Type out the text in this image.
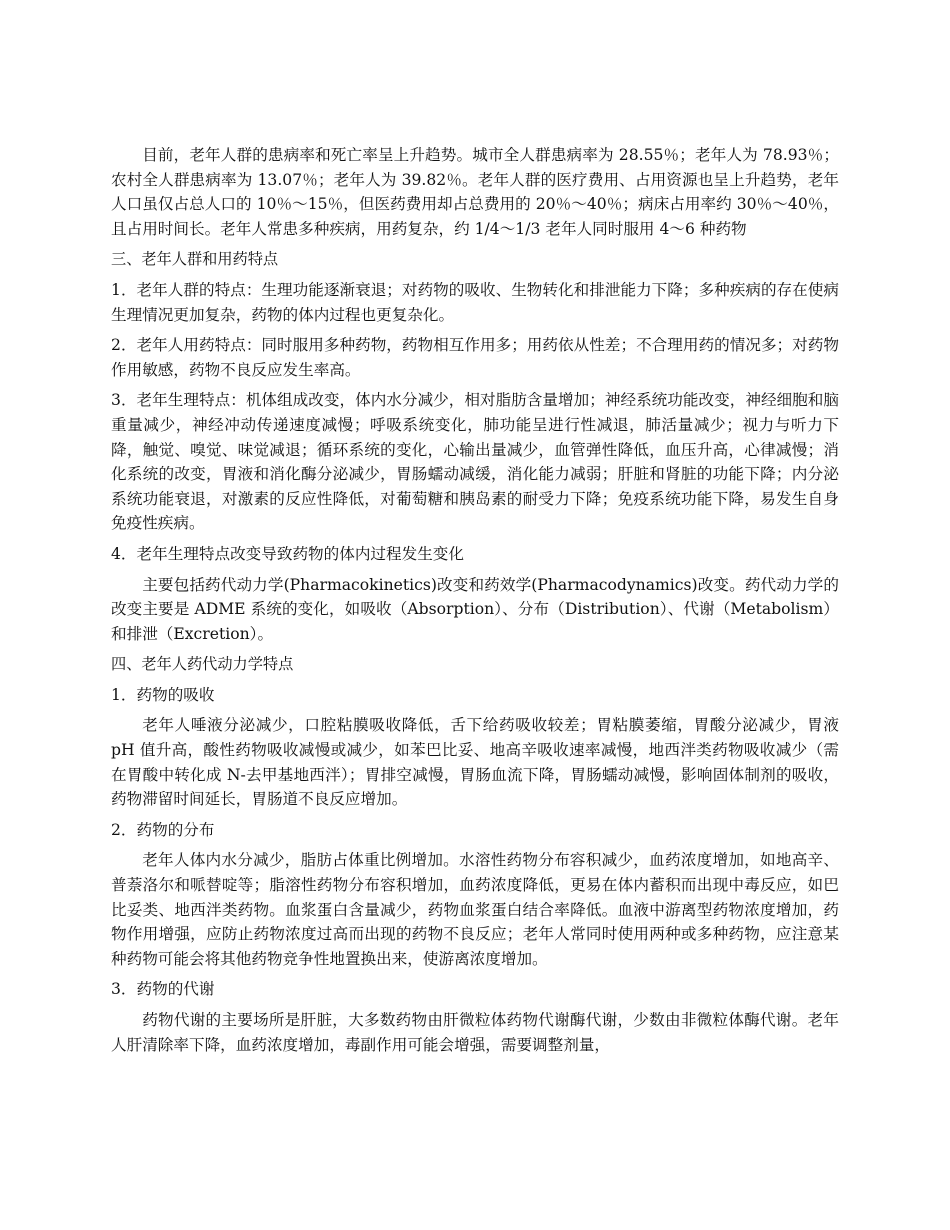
目前，老年人群的患病率和死亡率呈上升趋势。城市全人群患病率为 28.55％；老年人为 78.93％；农村全人群患病率为 13.07％；老年人为 39.82％。老年人群的医疗费用、占用资源也呈上升趋势，老年人口虽仅占总人口的 10％～15％，但医药费用却占总费用的 20％～40％；病床占用率约 30％～40％，且占用时间长。老年人常患多种疾病，用药复杂，约 1/4～1/3 老年人同时服用 4～6 种药物

三、老年人群和用药特点

1．老年人群的特点：生理功能逐渐衰退；对药物的吸收、生物转化和排泄能力下降；多种疾病的存在使病生理情况更加复杂，药物的体内过程也更复杂化。

2．老年人用药特点：同时服用多种药物，药物相互作用多；用药依从性差；不合理用药的情况多；对药物作用敏感，药物不良反应发生率高。

3．老年生理特点：机体组成改变，体内水分减少，相对脂肪含量增加；神经系统功能改变，神经细胞和脑重量减少，神经冲动传递速度减慢；呼吸系统变化，肺功能呈进行性减退，肺活量减少；视力与听力下降，触觉、嗅觉、味觉减退；循环系统的变化，心输出量减少，血管弹性降低，血压升高，心律减慢；消化系统的改变，胃液和消化酶分泌减少，胃肠蠕动减缓，消化能力减弱；肝脏和肾脏的功能下降；内分泌系统功能衰退，对激素的反应性降低，对葡萄糖和胰岛素的耐受力下降；免疫系统功能下降，易发生自身免疫性疾病。

4．老年生理特点改变导致药物的体内过程发生变化

主要包括药代动力学(Pharmacokinetics)改变和药效学(Pharmacodynamics)改变。药代动力学的改变主要是 ADME 系统的变化，如吸收（Absorption）、分布（Distribution）、代谢（Metabolism）和排泄（Excretion）。

四、老年人药代动力学特点

1．药物的吸收

老年人唾液分泌减少，口腔粘膜吸收降低，舌下给药吸收较差；胃粘膜萎缩，胃酸分泌减少，胃液 pH 值升高，酸性药物吸收减慢或减少，如苯巴比妥、地高辛吸收速率减慢，地西泮类药物吸收减少（需在胃酸中转化成 N-去甲基地西泮）；胃排空减慢，胃肠血流下降，胃肠蠕动减慢，影响固体制剂的吸收，药物滞留时间延长，胃肠道不良反应增加。

2．药物的分布

老年人体内水分减少，脂肪占体重比例增加。水溶性药物分布容积减少，血药浓度增加，如地高辛、普萘洛尔和哌替啶等；脂溶性药物分布容积增加，血药浓度降低，更易在体内蓄积而出现中毒反应，如巴比妥类、地西泮类药物。血浆蛋白含量减少，药物血浆蛋白结合率降低。血液中游离型药物浓度增加，药物作用增强，应防止药物浓度过高而出现的药物不良反应；老年人常同时使用两种或多种药物，应注意某种药物可能会将其他药物竞争性地置换出来，使游离浓度增加。

3．药物的代谢

药物代谢的主要场所是肝脏，大多数药物由肝微粒体药物代谢酶代谢，少数由非微粒体酶代谢。老年人肝清除率下降，血药浓度增加，毒副作用可能会增强，需要调整剂量，
